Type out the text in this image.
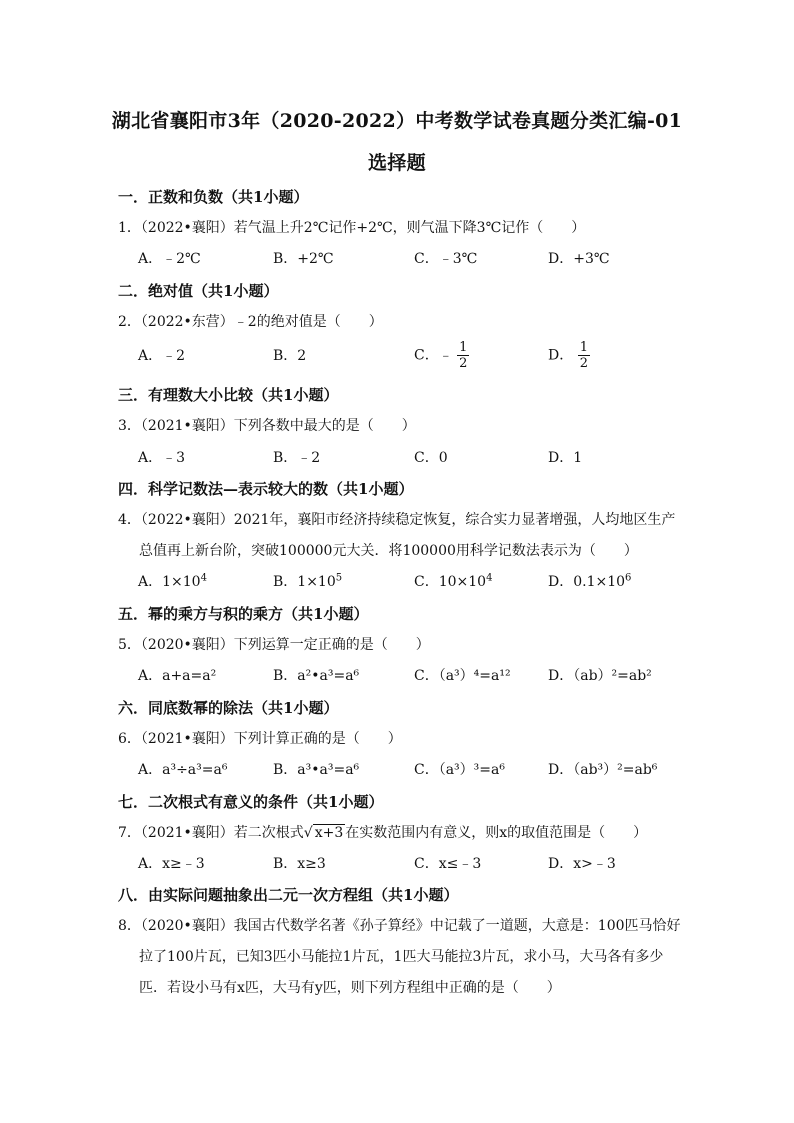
湖北省襄阳市3年（2020-2022）中考数学试卷真题分类汇编-01
选择题
一．正数和负数（共1小题）
1．（2022•襄阳）若气温上升2℃记作+2℃，则气温下降3℃记作（　　）
A．﹣2℃	B．+2℃	C．﹣3℃	D．+3℃
二．绝对值（共1小题）
2．（2022•东营）﹣2的绝对值是（　　）
A．﹣2	B．2	C．﹣ $\frac{1}{2}$	D． $\frac{1}{2}$
三．有理数大小比较（共1小题）
3．（2021•襄阳）下列各数中最大的是（　　）
A．﹣3	B．﹣2	C．0	D．1
四．科学记数法—表示较大的数（共1小题）
4．（2022•襄阳）2021年，襄阳市经济持续稳定恢复，综合实力显著增强，人均地区生产
总值再上新台阶，突破100000元大关．将100000用科学记数法表示为（　　）
A．$1\times 10^4$	B．$1\times 10^5$	C．$10\times 10^4$	D．$0.1\times 10^6$
五．幂的乘方与积的乘方（共1小题）
5．（2020•襄阳）下列运算一定正确的是（　　）
A．a+a=a²	B．a²•a³=a⁶	C．（a³）⁴=a¹²	D．（ab）²=ab²
六．同底数幂的除法（共1小题）
6．（2021•襄阳）下列计算正确的是（　　）
A．a³÷a³=a⁶	B．a³•a³=a⁶	C．（a³）³=a⁶	D．（ab³）²=ab⁶
七．二次根式有意义的条件（共1小题）
7．（2021•襄阳）若二次根式√ x+3 在实数范围内有意义，则x的取值范围是（　　）
A．x≥﹣3	B．x≥3	C．x≤﹣3	D．x>﹣3
八．由实际问题抽象出二元一次方程组（共1小题）
8．（2020•襄阳）我国古代数学名著《孙子算经》中记载了一道题，大意是：100匹马恰好
拉了100片瓦，已知3匹小马能拉1片瓦，1匹大马能拉3片瓦，求小马，大马各有多少
匹．若设小马有x匹，大马有y匹，则下列方程组中正确的是（　　）
